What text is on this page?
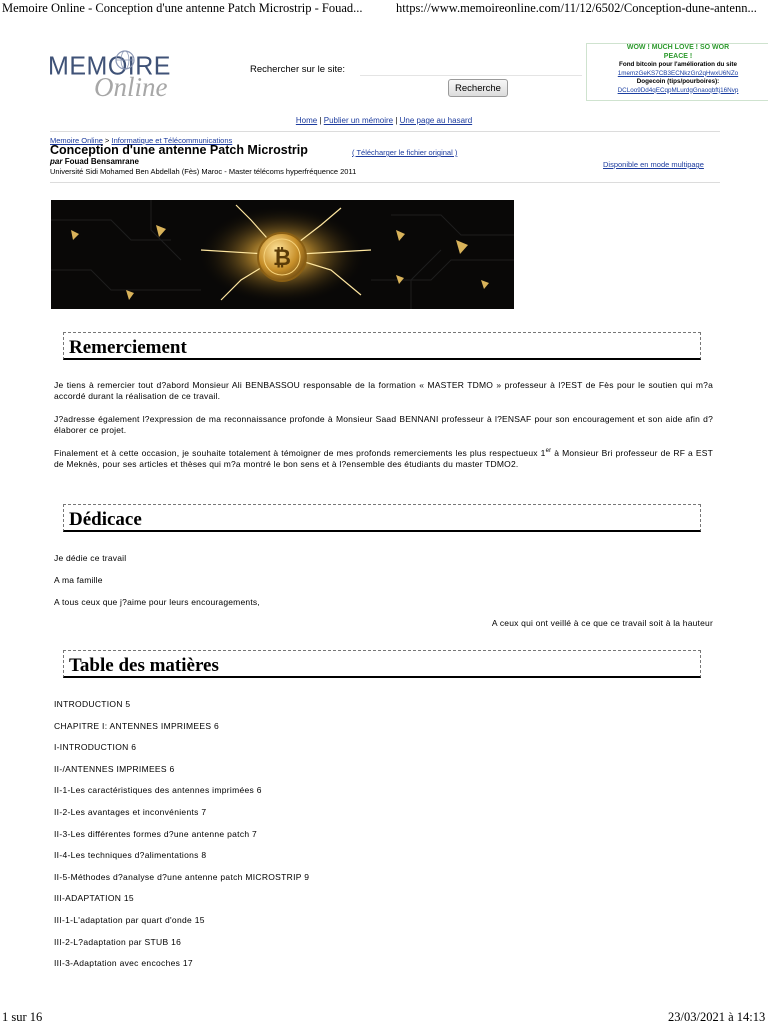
Memoire Online - Conception d'une antenne Patch Microstrip - Fouad...	https://www.memoireonline.com/11/12/6502/Conception-dune-antenn...
MEMOIRE
Online
Rechercher sur le site:
Recherche
WOW ! MUCH LOVE ! SO WOR
PEACE !
Fond bitcoin pour l'amélioration du site
1memzGeKS7CB3ECNkzGn2qHwxU6NZo
Dogecoin (tips/pourboires):
DCLoo9Dd4qECqpMLurdgGnaoqbftj16Nvp
Home | Publier un mémoire | Une page au hasard
Memoire Online > Informatique et Télécommunications
Conception d'une antenne Patch Microstrip	( Télécharger le fichier original )
par Fouad Bensamrane
Université Sidi Mohamed Ben Abdellah (Fès) Maroc - Master télécoms hyperfréquence 2011
Disponible en mode multipage
₿
Remerciement
Je tiens à remercier tout d?abord Monsieur Ali BENBASSOU responsable de la formation « MASTER TDMO » professeur à l?EST de Fès pour le soutien qui m?a accordé durant la réalisation de ce travail.
J?adresse également l?expression de ma reconnaissance profonde à Monsieur Saad BENNANI professeur à l?ENSAF pour son encouragement et son aide afin d?élaborer ce projet.
Finalement et à cette occasion, je souhaite totalement à témoigner de mes profonds remerciements les plus respectueux 1er à Monsieur Bri professeur de RF a EST de Meknès, pour ses articles et thèses qui m?a montré le bon sens et à l?ensemble des étudiants du master TDMO2.
Dédicace
Je dédie ce travail
A ma famille
A tous ceux que j?aime pour leurs encouragements,
A ceux qui ont veillé à ce que ce travail soit à la hauteur
Table des matières
INTRODUCTION 5
CHAPITRE I: ANTENNES IMPRIMEES 6
I-INTRODUCTION 6
II-/ANTENNES IMPRIMEES 6
II-1-Les caractéristiques des antennes imprimées 6
II-2-Les avantages et inconvénients 7
II-3-Les différentes formes d?une antenne patch 7
II-4-Les techniques d?alimentations 8
II-5-Méthodes d?analyse d?une antenne patch MICROSTRIP 9
III-ADAPTATION 15
III-1-L'adaptation par quart d'onde 15
III-2-L?adaptation par STUB 16
III-3-Adaptation avec encoches 17
1 sur 16	23/03/2021 à 14:13
